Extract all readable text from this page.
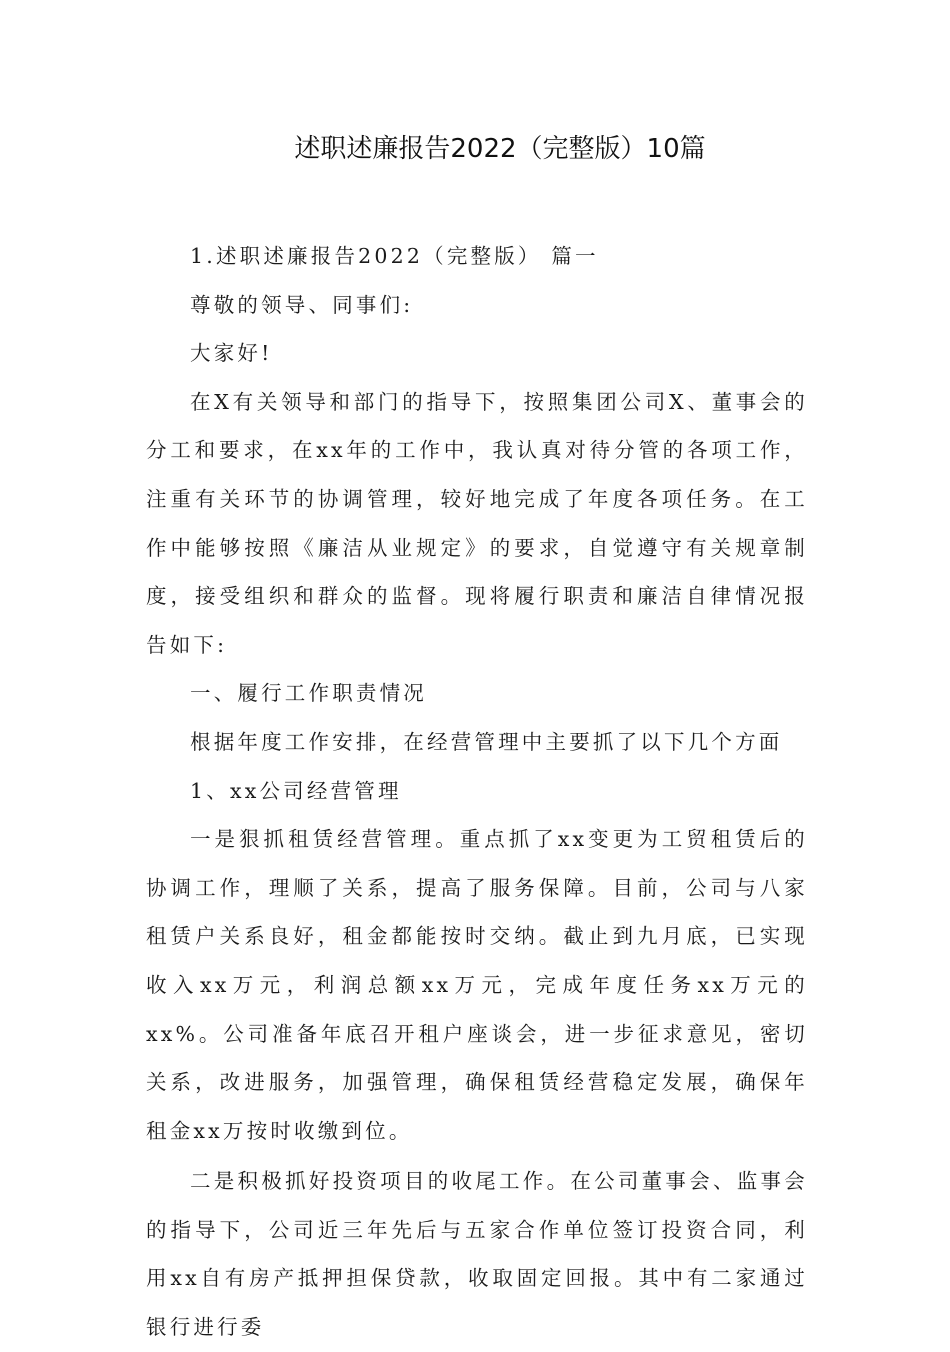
述职述廉报告2022（完整版）10篇

1.述职述廉报告2022（完整版） 篇一

尊敬的领导、同事们:

大家好!

在X有关领导和部门的指导下，按照集团公司X、董事会的分工和要求，在xx年的工作中，我认真对待分管的各项工作，注重有关环节的协调管理，较好地完成了年度各项任务。在工作中能够按照《廉洁从业规定》的要求，自觉遵守有关规章制度，接受组织和群众的监督。现将履行职责和廉洁自律情况报告如下:

一、履行工作职责情况

根据年度工作安排，在经营管理中主要抓了以下几个方面

1、xx公司经营管理

一是狠抓租赁经营管理。重点抓了xx变更为工贸租赁后的协调工作，理顺了关系，提高了服务保障。目前，公司与八家租赁户关系良好，租金都能按时交纳。截止到九月底，已实现收入xx万元，利润总额xx万元，完成年度任务xx万元的xx%。公司准备年底召开租户座谈会，进一步征求意见，密切关系，改进服务，加强管理，确保租赁经营稳定发展，确保年租金xx万按时收缴到位。

二是积极抓好投资项目的收尾工作。在公司董事会、监事会的指导下，公司近三年先后与五家合作单位签订投资合同，利用xx自有房产抵押担保贷款，收取固定回报。其中有二家通过银行进行委
